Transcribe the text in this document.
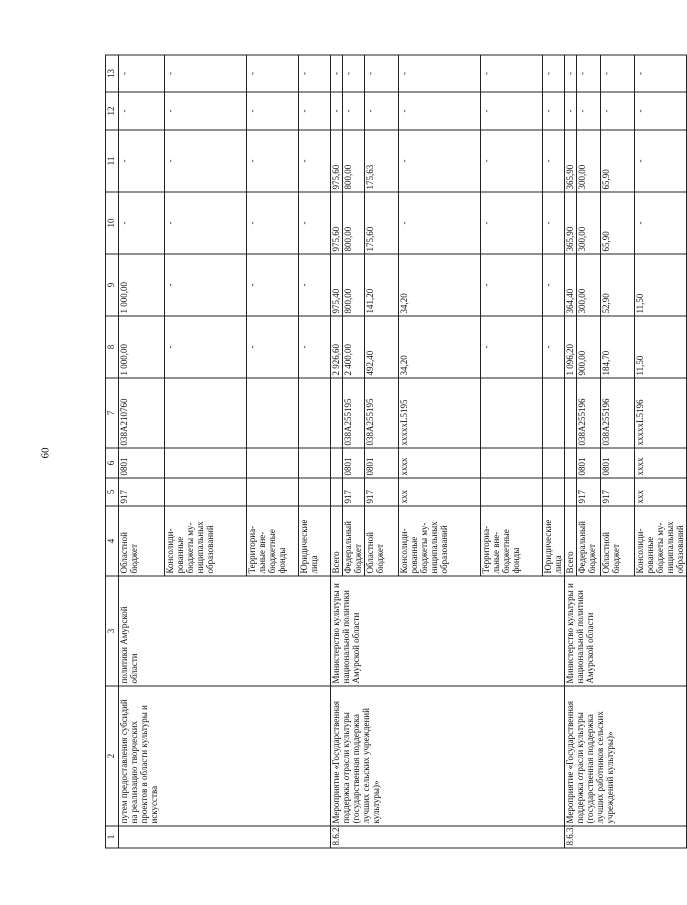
60
1	2	3	4	5	6	7	8	9	10	11	12	13
	путем предоставления субсидий на реализацию творческих проектов в области культуры и искусства	политики Амурской области	Областной бюджет	917	0801	038A210760	1 000,00	1 000,00	-	-	-	-
			Консолиди-рованные бюджеты му-ниципальных образований				-	-	-	-	-	-
			Территориа-льные вне-бюджетные фонды				-	-	-	-	-	-
			Юридические лица				-	-	-	-	-	-
8.6.2.	Мероприятие «Государственная поддержка отрасли культуры (государственная поддержка лучших сельских учреждений культуры)»	Министерство культуры и национальной политики Амурской области	Всего				2 926,60	975,40	975,60	975,60	-	-
			Федеральный бюджет	917	0801	038A255195	2 400,00	800,00	800,00	800,00	-	-
			Областной бюджет	917	0801	038A255195	492,40	141,20	175,60	175,63	-	-
			Консолиди-рованные бюджеты му-ниципальных образований	xxx	xxxx	xxxxxL5195	34,20	34,20	-	-	-	-
			Территориа-льные вне-бюджетные фонды				-	-	-	-	-	-
			Юридические лица				-	-	-	-	-	-
8.6.3.	Мероприятие «Государственная поддержка отрасли культуры (государственная поддержка лучших работников сельских учреждений культуры)»	Министерство культуры и национальной политики Амурской области	Всего				1 096,20	364,40	365,90	365,90	-	-
			Федеральный бюджет	917	0801	038A255196	900,00	300,00	300,00	300,00	-	-
			Областной бюджет	917	0801	038A255196	184,70	52,90	65,90	65,90	-	-
			Консолиди-рованные бюджеты му-ниципальных образований	xxx	xxxx	xxxxxL5196	11,50	11,50	-	-	-	-
